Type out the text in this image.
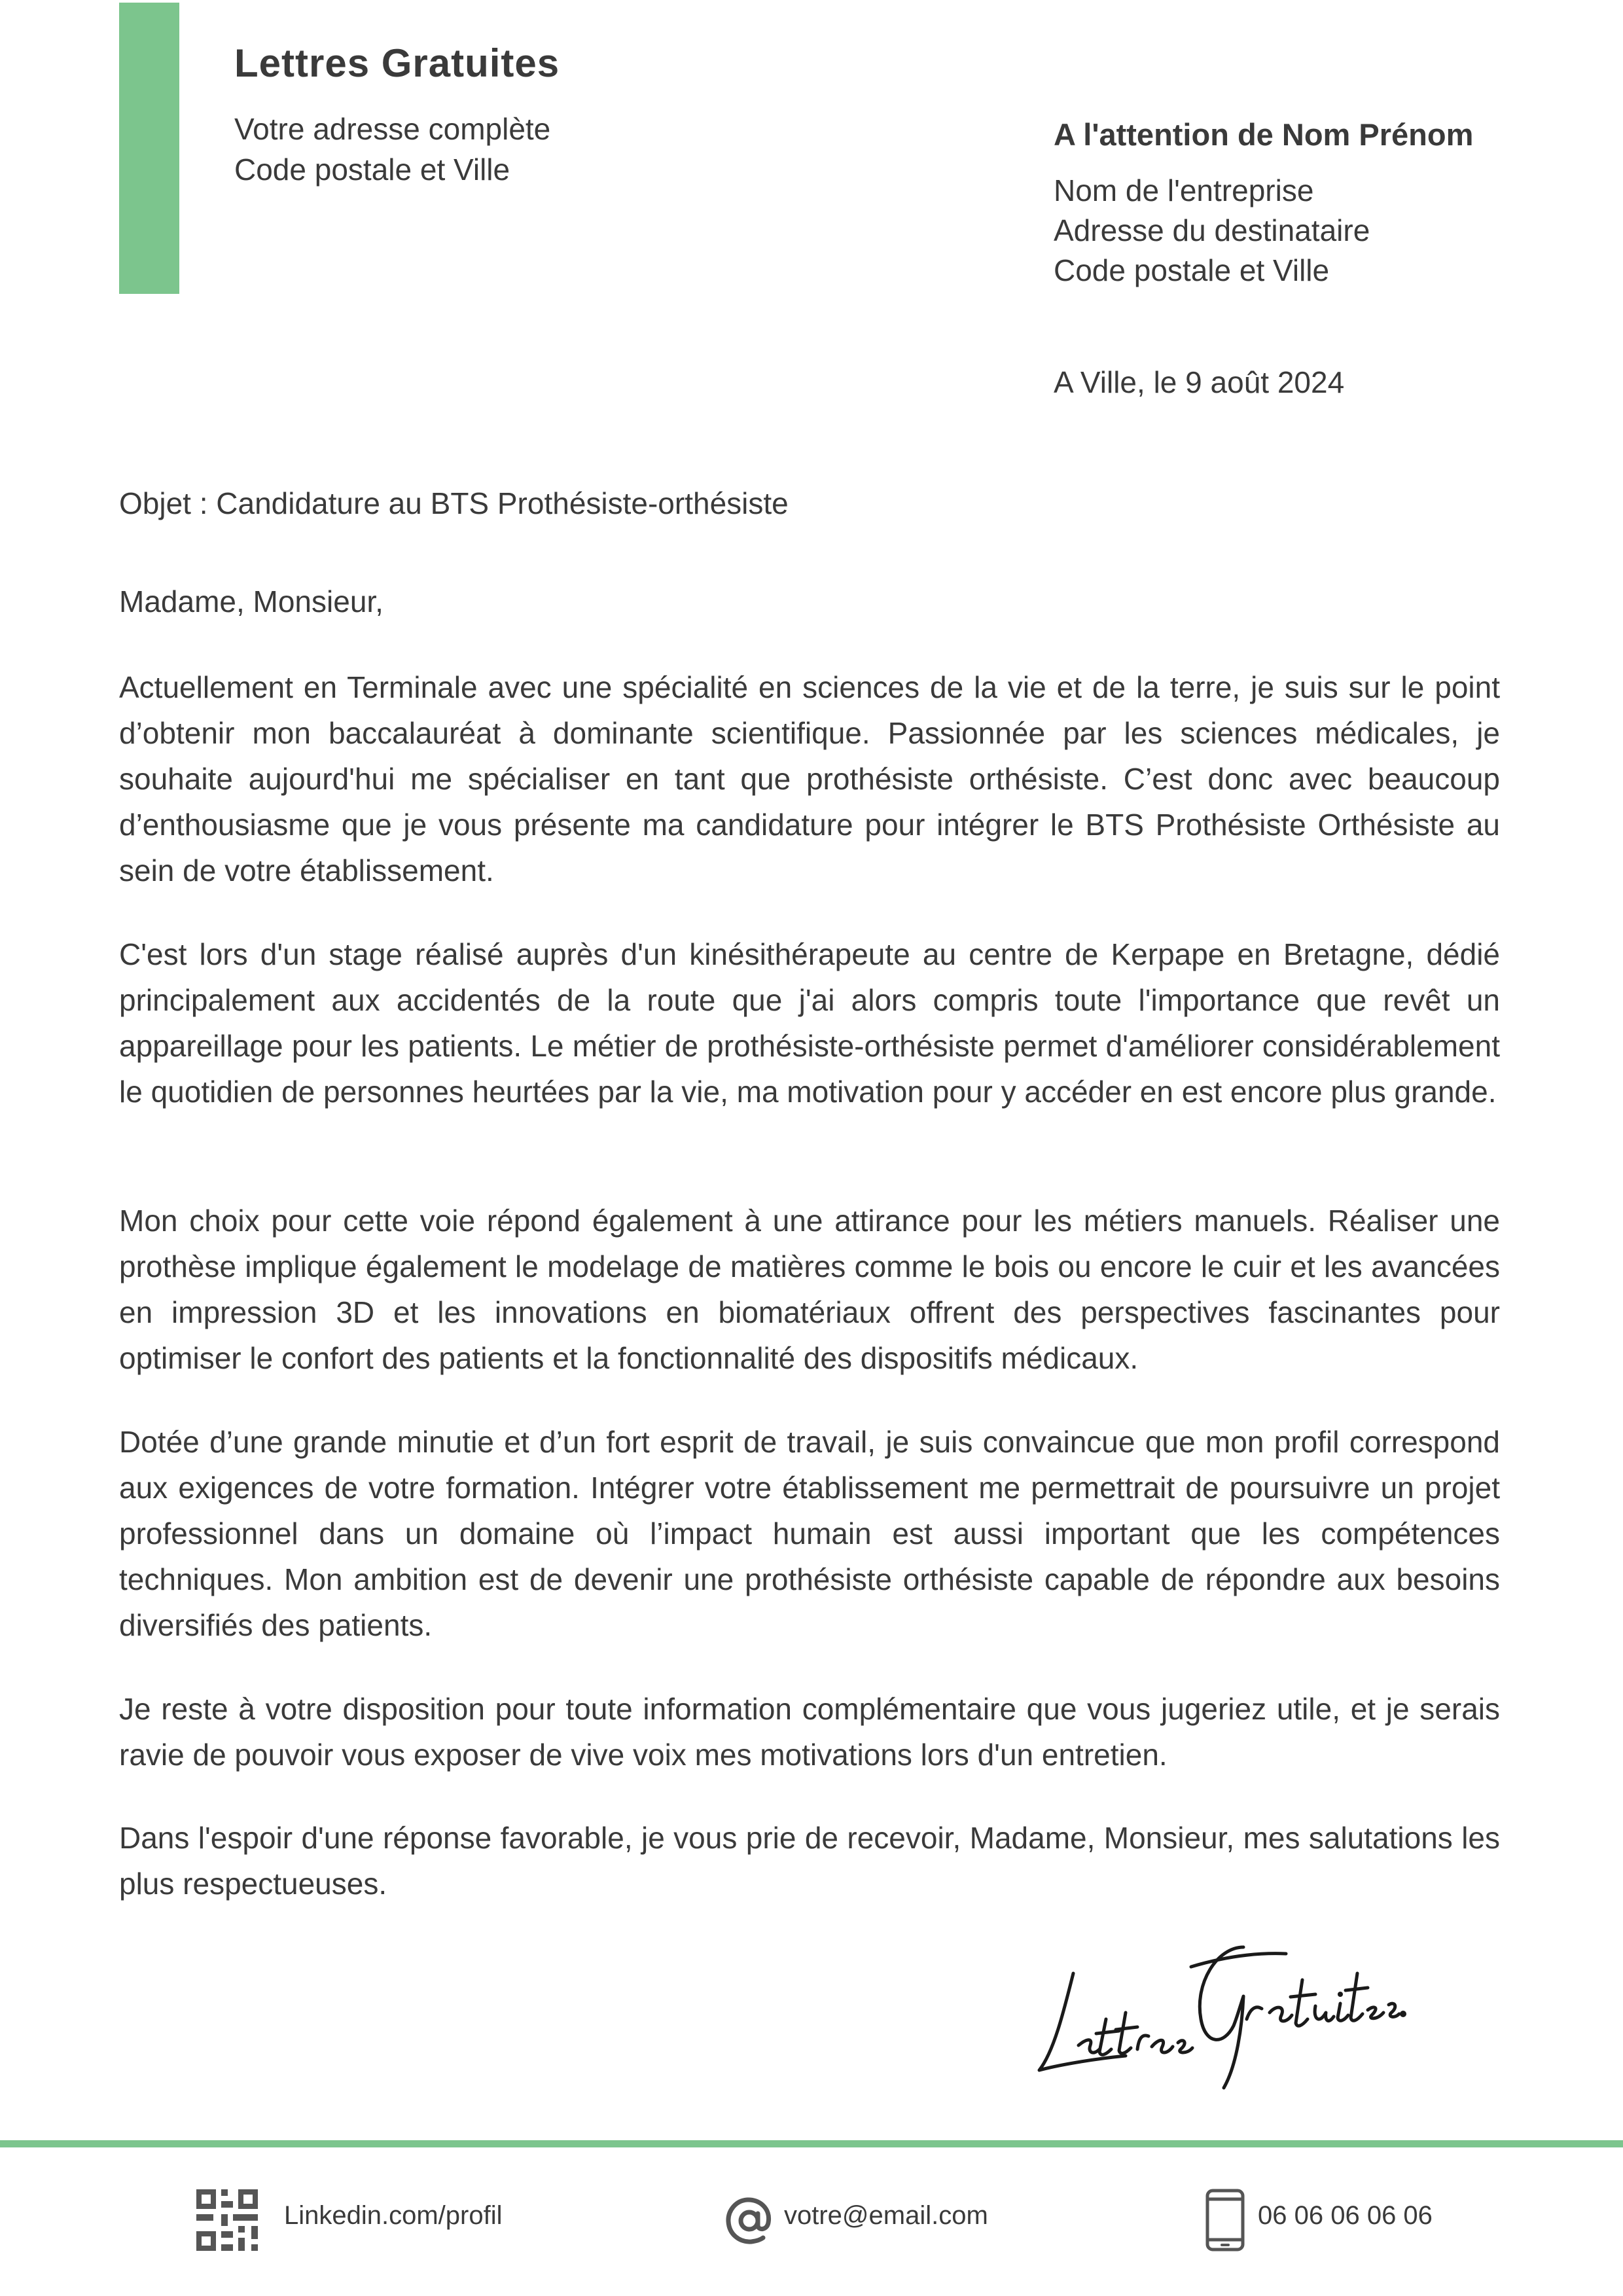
Lettres Gratuites
Votre adresse complète
Code postale et Ville
A l'attention de Nom Prénom
Nom de l'entreprise
Adresse du destinataire
Code postale et Ville
A Ville, le 9 août 2024
Objet : Candidature au BTS Prothésiste-orthésiste
Madame, Monsieur,

Actuellement en Terminale avec une spécialité en sciences de la vie et de la terre, je suis sur le point d’obtenir mon baccalauréat à dominante scientifique. Passionnée par les sciences médicales, je souhaite aujourd'hui me spécialiser en tant que prothésiste orthésiste. C’est donc avec beaucoup d’enthousiasme que je vous présente ma candidature pour intégrer le BTS Prothésiste Orthésiste au sein de votre établissement.

C'est lors d'un stage réalisé auprès d'un kinésithérapeute au centre de Kerpape en Bretagne, dédié principalement aux accidentés de la route que j'ai alors compris toute l'importance que revêt un appareillage pour les patients. Le métier de prothésiste-orthésiste permet d'améliorer considérablement le quotidien de personnes heurtées par la vie, ma motivation pour y accéder en est encore plus grande.

Mon choix pour cette voie répond également à une attirance pour les métiers manuels. Réaliser une prothèse implique également le modelage de matières comme le bois ou encore le cuir et les avancées en impression 3D et les innovations en biomatériaux offrent des perspectives fascinantes pour optimiser le confort des patients et la fonctionnalité des dispositifs médicaux.

Dotée d’une grande minutie et d’un fort esprit de travail, je suis convaincue que mon profil correspond aux exigences de votre formation. Intégrer votre établissement me permettrait de poursuivre un projet professionnel dans un domaine où l’impact humain est aussi important que les compétences techniques. Mon ambition est de devenir une prothésiste orthésiste capable de répondre aux besoins diversifiés des patients.

Je reste à votre disposition pour toute information complémentaire que vous jugeriez utile, et je serais ravie de pouvoir vous exposer de vive voix mes motivations lors d'un entretien.

Dans l'espoir d'une réponse favorable, je vous prie de recevoir, Madame, Monsieur, mes salutations les plus respectueuses.

Linkedin.com/profil	votre@email.com	06 06 06 06 06
